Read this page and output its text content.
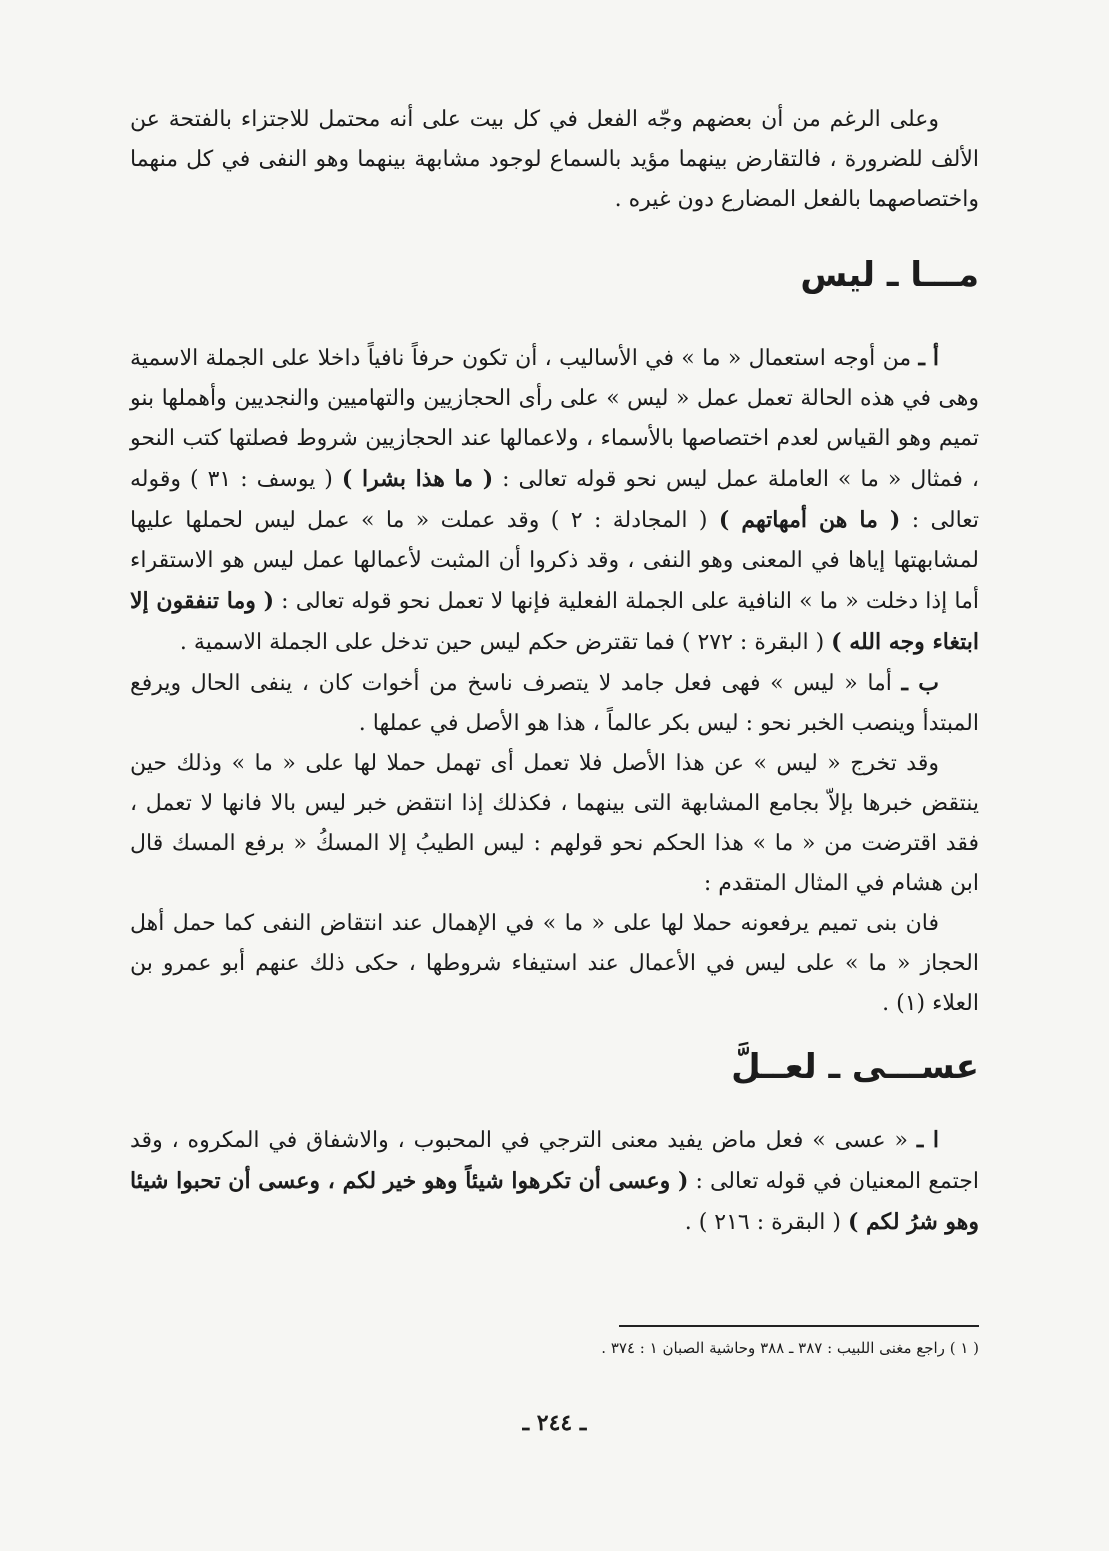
وعلى الرغم من أن بعضهم وجّه الفعل في كل بيت على أنه محتمل للاجتزاء بالفتحة عن الألف للضرورة ، فالتقارض بينهما مؤيد بالسماع لوجود مشابهة بينهما وهو النفى في كل منهما واختصاصهما بالفعل المضارع دون غيره .

مـــا ـ ليس

أ ـ من أوجه استعمال « ما » في الأساليب ، أن تكون حرفاً نافياً داخلا على الجملة الاسمية وهى في هذه الحالة تعمل عمل « ليس » على رأى الحجازيين والتهاميين والنجديين وأهملها بنو تميم وهو القياس لعدم اختصاصها بالأسماء ، ولاعمالها عند الحجازيين شروط فصلتها كتب النحو ، فمثال « ما » العاملة عمل ليس نحو قوله تعالى : ( ما هذا بشرا ) ( يوسف : ٣١ ) وقوله تعالى : ( ما هن أمهاتهم ) ( المجادلة : ٢ ) وقد عملت « ما » عمل ليس لحملها عليها لمشابهتها إياها في المعنى وهو النفى ، وقد ذكروا أن المثبت لأعمالها عمل ليس هو الاستقراء أما إذا دخلت « ما » النافية على الجملة الفعلية فإنها لا تعمل نحو قوله تعالى : ( وما تنفقون إلا ابتغاء وجه الله ) ( البقرة : ٢٧٢ ) فما تقترض حكم ليس حين تدخل على الجملة الاسمية .

ب ـ أما « ليس » فهى فعل جامد لا يتصرف ناسخ من أخوات كان ، ينفى الحال ويرفع المبتدأ وينصب الخبر نحو : ليس بكر عالماً ، هذا هو الأصل في عملها .

وقد تخرج « ليس » عن هذا الأصل فلا تعمل أى تهمل حملا لها على « ما » وذلك حين ينتقض خبرها بإلاّ بجامع المشابهة التى بينهما ، فكذلك إذا انتقض خبر ليس بالا فانها لا تعمل ، فقد اقترضت من « ما » هذا الحكم نحو قولهم : ليس الطيبُ إلا المسكُ « برفع المسك قال ابن هشام في المثال المتقدم :

فان بنى تميم يرفعونه حملا لها على « ما » في الإهمال عند انتقاض النفى كما حمل أهل الحجاز « ما » على ليس في الأعمال عند استيفاء شروطها ، حكى ذلك عنهم أبو عمرو بن العلاء (١) .

عســـى ـ لعــلَّ

ا ـ « عسى » فعل ماض يفيد معنى الترجي في المحبوب ، والاشفاق في المكروه ، وقد اجتمع المعنيان في قوله تعالى : ( وعسى أن تكرهوا شيئاً وهو خير لكم ، وعسى أن تحبوا شيئا وهو شرُ لكم ) ( البقرة : ٢١٦ ) .

( ١ ) راجع مغنى اللبيب : ٣٨٧ ـ ٣٨٨ وحاشية الصبان ١ : ٣٧٤ .

ـ ٢٤٤ ـ
